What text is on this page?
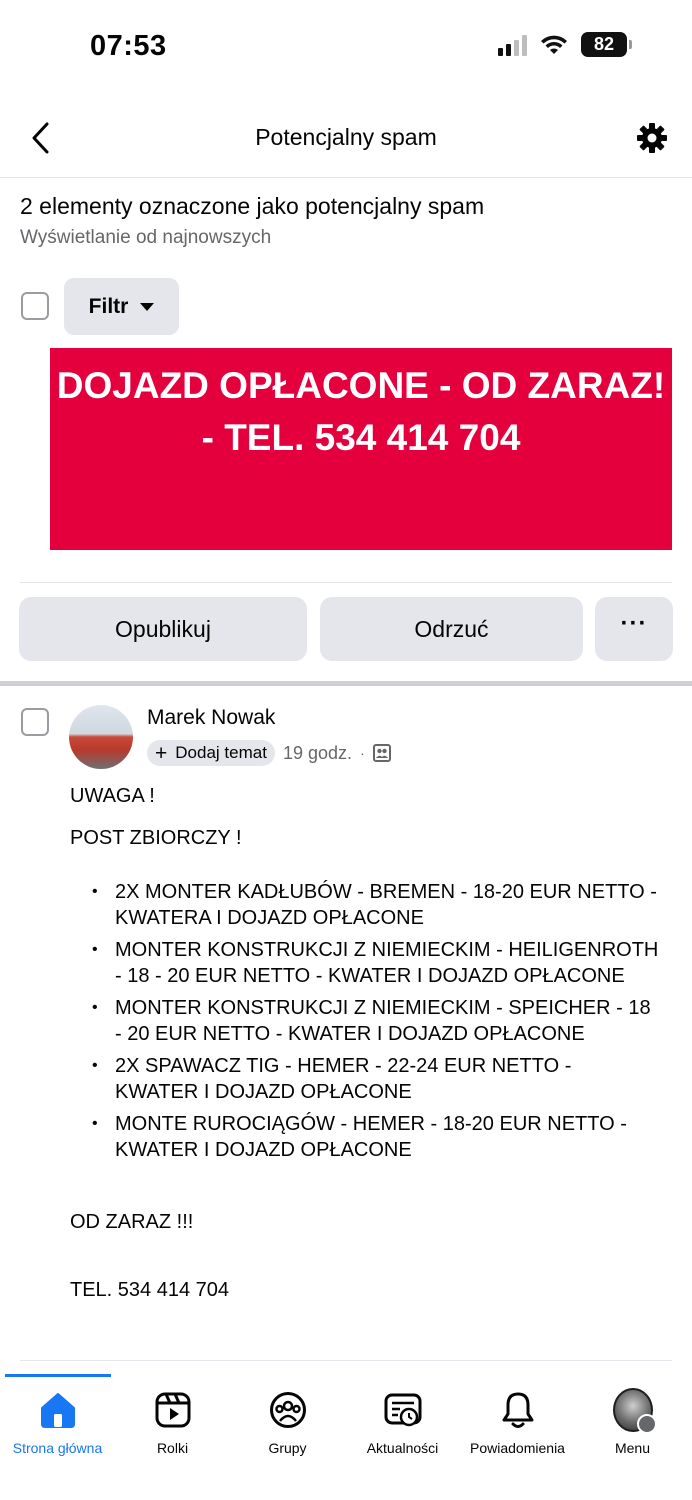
07:53	82
Potencjalny spam
2 elementy oznaczone jako potencjalny spam
Wyświetlanie od najnowszych
Filtr
DOJAZD OPŁACONE - OD ZARAZ! - TEL. 534 414 704
Opublikuj	Odrzuć	···
Marek Nowak
+ Dodaj temat 19 godz. ·

UWAGA !

POST ZBIORCZY !

• 2X MONTER KADŁUBÓW - BREMEN - 18-20 EUR NETTO - KWATERA I DOJAZD OPŁACONE
• MONTER KONSTRUKCJI Z NIEMIECKIM - HEILIGENROTH - 18 - 20 EUR NETTO - KWATER I DOJAZD OPŁACONE
• MONTER KONSTRUKCJI Z NIEMIECKIM - SPEICHER - 18 - 20 EUR NETTO - KWATER I DOJAZD OPŁACONE
• 2X SPAWACZ TIG - HEMER - 22-24 EUR NETTO - KWATER I DOJAZD OPŁACONE
• MONTE RUROCIĄGÓW - HEMER - 18-20 EUR NETTO - KWATER I DOJAZD OPŁACONE

OD ZARAZ !!!

TEL. 534 414 704

Strona główna	Rolki	Grupy	Aktualności	Powiadomienia	Menu
